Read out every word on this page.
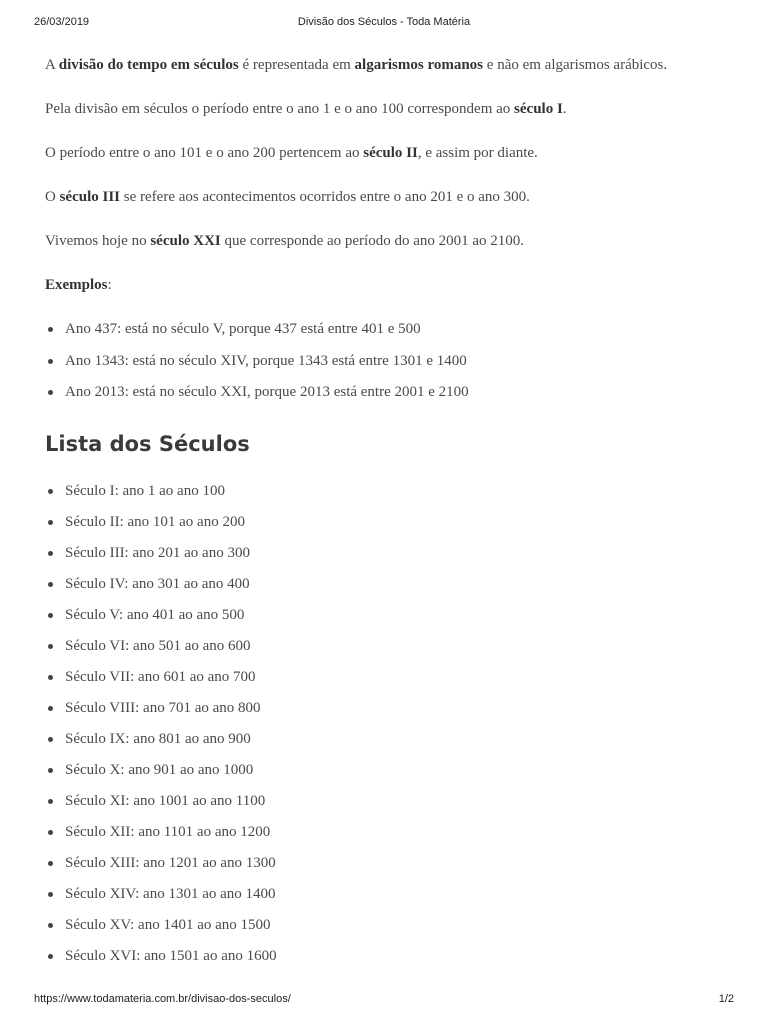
26/03/2019	Divisão dos Séculos - Toda Matéria

A divisão do tempo em séculos é representada em algarismos romanos e não em algarismos arábicos.

Pela divisão em séculos o período entre o ano 1 e o ano 100 correspondem ao século I.

O período entre o ano 101 e o ano 200 pertencem ao século II, e assim por diante.

O século III se refere aos acontecimentos ocorridos entre o ano 201 e o ano 300.

Vivemos hoje no século XXI que corresponde ao período do ano 2001 ao 2100.

Exemplos:

Ano 437: está no século V, porque 437 está entre 401 e 500
Ano 1343: está no século XIV, porque 1343 está entre 1301 e 1400
Ano 2013: está no século XXI, porque 2013 está entre 2001 e 2100
Lista dos Séculos
Século I: ano 1 ao ano 100
Século II: ano 101 ao ano 200
Século III: ano 201 ao ano 300
Século IV: ano 301 ao ano 400
Século V: ano 401 ao ano 500
Século VI: ano 501 ao ano 600
Século VII: ano 601 ao ano 700
Século VIII: ano 701 ao ano 800
Século IX: ano 801 ao ano 900
Século X: ano 901 ao ano 1000
Século XI: ano 1001 ao ano 1100
Século XII: ano 1101 ao ano 1200
Século XIII: ano 1201 ao ano 1300
Século XIV: ano 1301 ao ano 1400
Século XV: ano 1401 ao ano 1500
Século XVI: ano 1501 ao ano 1600
https://www.todamateria.com.br/divisao-dos-seculos/	1/2
